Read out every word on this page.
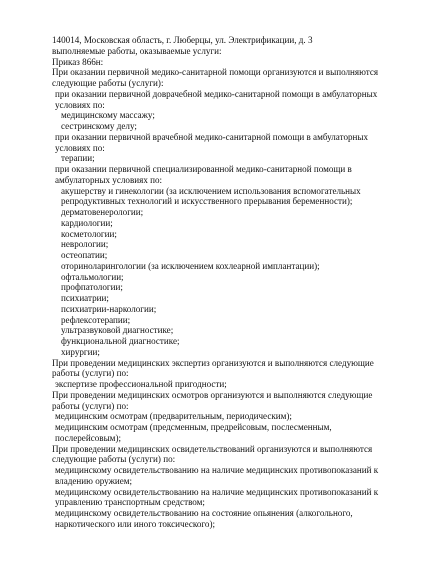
140014, Московская область, г. Люберцы, ул. Электрификации, д. 3
выполняемые работы, оказываемые услуги:
Приказ 866н:
При оказании первичной медико-санитарной помощи организуются и выполняются следующие работы (услуги):
при оказании первичной доврачебной медико-санитарной помощи в амбулаторных условиях по:
медицинскому массажу;
сестринскому делу;
при оказании первичной врачебной медико-санитарной помощи в амбулаторных условиях по:
терапии;
при оказании первичной специализированной медико-санитарной помощи в амбулаторных условиях по:
акушерству и гинекологии (за исключением использования вспомогательных репродуктивных технологий и искусственного прерывания беременности);
дерматовенерологии;
кардиологии;
косметологии;
неврологии;
остеопатии;
оториноларингологии (за исключением кохлеарной имплантации);
офтальмологии;
профпатологии;
психиатрии;
психиатрии-наркологии;
рефлексотерапии;
ультразвуковой диагностике;
функциональной диагностике;
хирургии;
При проведении медицинских экспертиз организуются и выполняются следующие работы (услуги) по:
экспертизе профессиональной пригодности;
При проведении медицинских осмотров организуются и выполняются следующие работы (услуги) по:
медицинским осмотрам (предварительным, периодическим);
медицинским осмотрам (предсменным, предрейсовым, послесменным, послерейсовым);
При проведении медицинских освидетельствований организуются и выполняются следующие работы (услуги) по:
медицинскому освидетельствованию на наличие медицинских противопоказаний к владению оружием;
медицинскому освидетельствованию на наличие медицинских противопоказаний к управлению транспортным средством;
медицинскому освидетельствованию на состояние опьянения (алкогольного, наркотического или иного токсического);
